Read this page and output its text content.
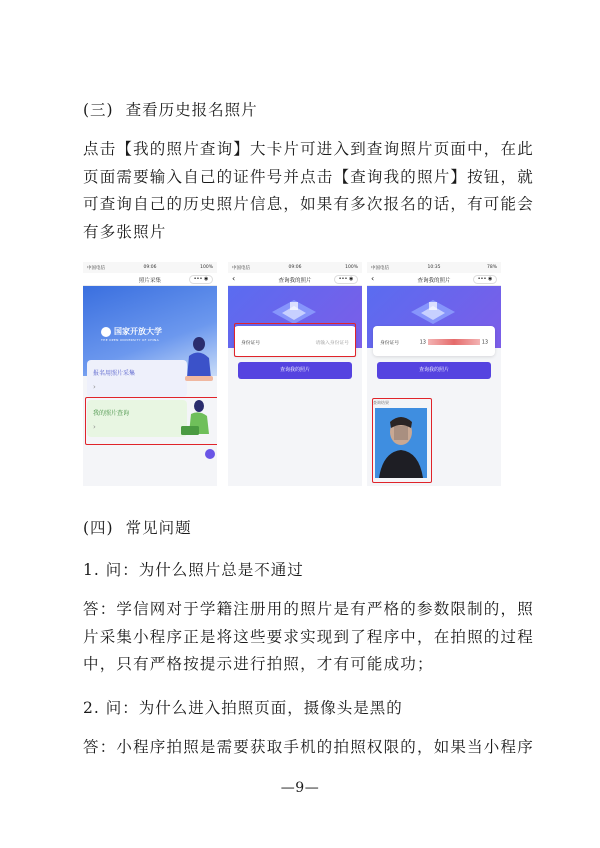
(三) 查看历史报名照片

点击【我的照片查询】大卡片可进入到查询照片页面中，在此
页面需要输入自己的证件号并点击【查询我的照片】按钮，就
可查询自己的历史照片信息，如果有多次报名的话，有可能会
有多张照片
中国电信	09:06	100%
照片采集	••• ◉
国家开放大学
THE OPEN UNIVERSITY OF CHINA
报名用照片采集
›
我的照片查询
›
中国电信	09:06	100%
‹	查询我的照片	••• ◉
身份证号	请输入身份证号
查询我的照片
中国电信	10:35	78%
‹	查询我的照片	••• ◉
身份证号	13	13
查询我的照片
查询结果

(四) 常见问题

1. 问：为什么照片总是不通过

答：学信网对于学籍注册用的照片是有严格的参数限制的，照
片采集小程序正是将这些要求实现到了程序中，在拍照的过程
中，只有严格按提示进行拍照，才有可能成功；

2. 问：为什么进入拍照页面，摄像头是黑的

答：小程序拍照是需要获取手机的拍照权限的，如果当小程序
—9—
